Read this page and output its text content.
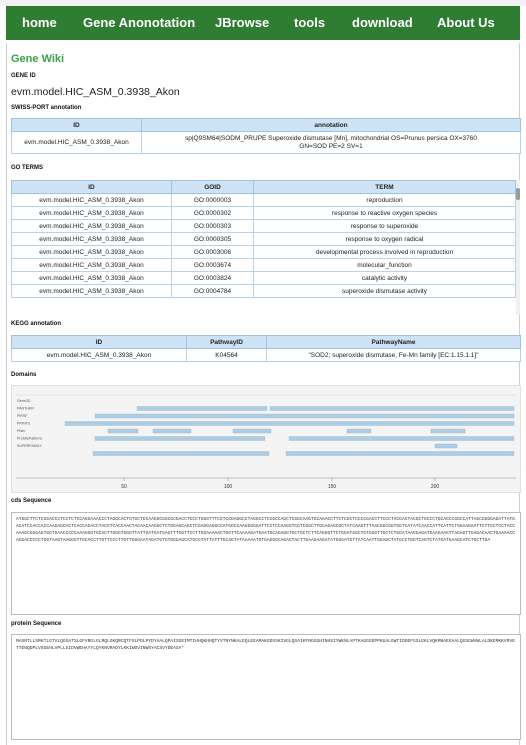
home Gene Anonotation JBrowse tools download About Us
Gene Wiki
GENE ID
evm.model.HIC_ASM_0.3938_Akon
SWISS-PORT annotation
ID	annotation
evm.model.HIC_ASM_0.3938_Akon	sp|Q9SM64|SODM_PRUPE Superoxide dismutase [Mn], mitochondrial OS=Prunus persica OX=3760 GN=SOD PE=2 SV=1
GO TERMS
ID	GOID	TERM
evm.model.HIC_ASM_0.3938_Akon	GO:0000003	reproduction
evm.model.HIC_ASM_0.3938_Akon	GO:0000302	response to reactive oxygen species
evm.model.HIC_ASM_0.3938_Akon	GO:0000303	response to superoxide
evm.model.HIC_ASM_0.3938_Akon	GO:0000305	response to oxygen radical
evm.model.HIC_ASM_0.3938_Akon	GO:0003006	developmental process involved in reproduction
evm.model.HIC_ASM_0.3938_Akon	GO:0003674	molecular_function
evm.model.HIC_ASM_0.3938_Akon	GO:0003824	catalytic activity
evm.model.HIC_ASM_0.3938_Akon	GO:0004784	superoxide dismutase activity
KEGG annotation
ID	PathwayID	PathwayName
evm.model.HIC_ASM_0.3938_Akon	K04564	"SOD2; superoxide dismutase, Fe-Mn family [EC:1.15.1.1]"
Domains
Gene3D
PANTHER
PIRSF
PRINTS
Pfam
ProSitePatterns
SUPERFAMILY
50	100	150	200
cds Sequence
ATGGCTTCTCGGACCCTCCTCTCCAGGAAACCCTAGGCACTGTGCTGCAAGGCGGCGCGACCTCCCTGGGTTTCGTCCGAGGCCTAGGCCTCCGCCAGCTCGGCAAGTGCAGACCTTCTCGCTCCCCGACCTTCCCTACGACTACGCTGCCCTGCAGCCGGCCATTAGCGGGGAGATTATGACATCCACCACCAAGAGCACTCACCAGACCTACGTCACCAACTACAACAAGGCTCTGGAGCAGCTCGAGGAGGCCATGGCCAAGGGGGATTCCTCCAAGGTCGTCGGCTTGCAGAGCGCTATCAAGTTTAACGGCGGTGGTCATATCAACCATTCATTCTGGAAGAATTCTTGCTCCTACCAAAGCGGGAGTGGTGAACCCCCAAAGGGTGCACTTGGGTGGGTTATTGATGATGAGTTTGGTTCCTTGGAAAAACTGGTTCAAAAGATGAATGCAGAGGTGCTGCTCTTCAGGGTTCTGGATGGCTGTGGGTTGCTCTGGATAAGGAGATGAAGAAGTTAGAGTTGAGACAACTGAAAACCAGGACCCCCTGGTAAGTAAGGGTTGCACCTTGTTCCCTTGTTGGGAATAGATGTGTGGGAGCATGCGTATTATTTGCAGTATAAAAATGTGAGGGCAGACTACTTGAAGAAGATATGGGATGTTATCAATTGGAGCTATGCCTGGTCAGTCTATGATGAAGCATCTGCTTGA
protein Sequence
MASRTLLSRKTLGTVLQGGATSLGFVRGLGLRQLGKQRCQTFSLPDLPYDYAALQPAISGEIMTIHHQKHHQTYVTNYNKALEQLEEAMAKGDSSKIVGLQSAIKFNGGGHINHSIYWKNLAPTKAGGGEPPKGALGWTIDDEFGSLEKLVQKMNAEGAALQGSGWVWLALDKEMKKVRVETTENQDPLVSGEHLVPLLGIDVWEHAYYLQYKNVRADYLKKIWDVINWSYACSVYDEASA*
